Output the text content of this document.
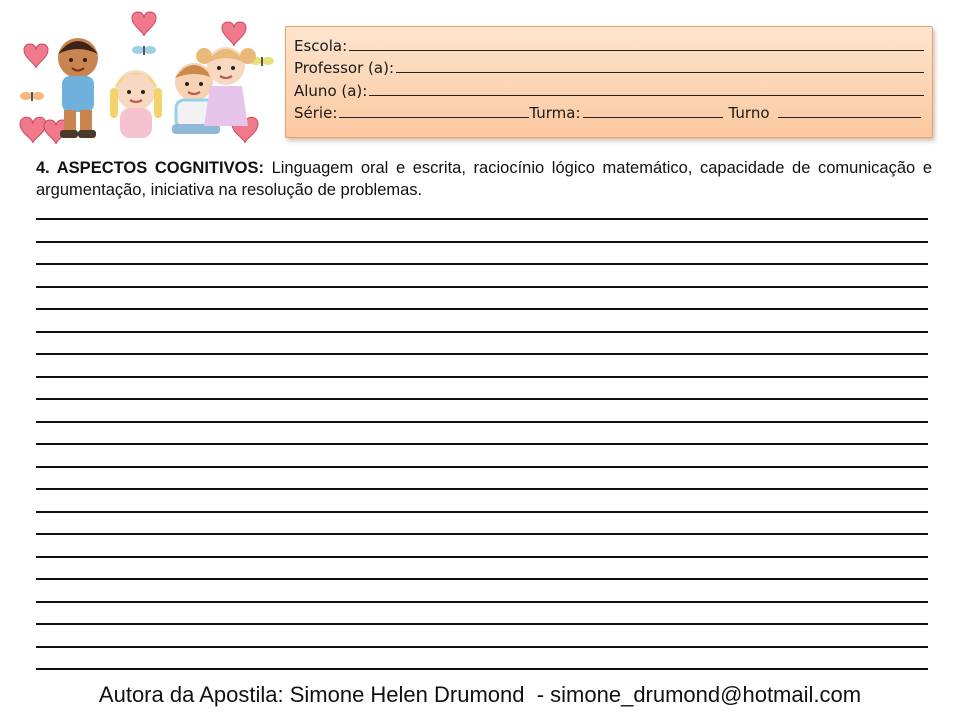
Escola:
Professor (a):
Aluno (a):
Série:	Turma:	Turno
4. ASPECTOS COGNITIVOS: Linguagem oral e escrita, raciocínio lógico matemático, capacidade de comunicação e argumentação, iniciativa na resolução de problemas.
Autora da Apostila: Simone Helen Drumond  - simone_drumond@hotmail.com
